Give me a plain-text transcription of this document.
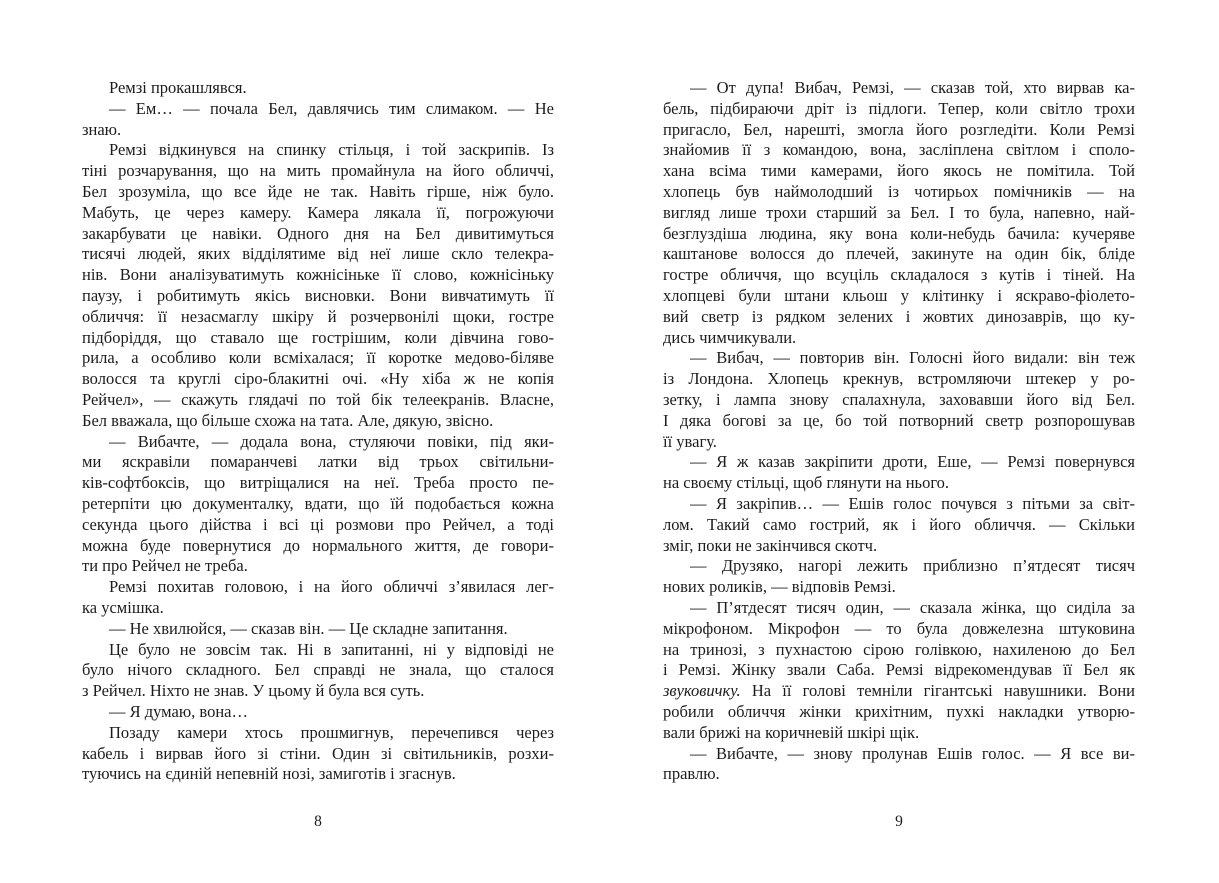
Ремзі прокашлявся.
— Ем… — почала Бел, давлячись тим слимаком. — Не
знаю.
Ремзі відкинувся на спинку стільця, і той заскрипів. Із
тіні розчарування, що на мить промайнула на його обличчі,
Бел зрозуміла, що все йде не так. Навіть гірше, ніж було.
Мабуть, це через камеру. Камера лякала її, погрожуючи
закарбувати це навіки. Одного дня на Бел дивитимуться
тисячі людей, яких відділятиме від неї лише скло телекра-
нів. Вони аналізуватимуть кожнісіньке її слово, кожнісіньку
паузу, і робитимуть якісь висновки. Вони вивчатимуть її
обличчя: її незасмаглу шкіру й розчервонілі щоки, гостре
підборіддя, що ставало ще гострішим, коли дівчина гово-
рила, а особливо коли всміхалася; її коротке медово-біляве
волосся та круглі сіро-блакитні очі. «Ну хіба ж не копія
Рейчел», — скажуть глядачі по той бік телеекранів. Власне,
Бел вважала, що більше схожа на тата. Але, дякую, звісно.
— Вибачте, — додала вона, стуляючи повіки, під яки-
ми яскравіли помаранчеві латки від трьох світильни-
ків-софтбоксів, що витріщалися на неї. Треба просто пе-
ретерпіти цю документалку, вдати, що їй подобається кожна
секунда цього дійства і всі ці розмови про Рейчел, а тоді
можна буде повернутися до нормального життя, де говори-
ти про Рейчел не треба.
Ремзі похитав головою, і на його обличчі з’явилася лег-
ка усмішка.
— Не хвилюйся, — сказав він. — Це складне запитання.
Це було не зовсім так. Ні в запитанні, ні у відповіді не
було нічого складного. Бел справді не знала, що сталося
з Рейчел. Ніхто не знав. У цьому й була вся суть.
— Я думаю, вона…
Позаду камери хтось прошмигнув, перечепився через
кабель і вирвав його зі стіни. Один зі світильників, розхи-
туючись на єдиній непевній нозі, замиготів і згаснув.
— От дупа! Вибач, Ремзі, — сказав той, хто вирвав ка-
бель, підбираючи дріт із підлоги. Тепер, коли світло трохи
пригасло, Бел, нарешті, змогла його розгледіти. Коли Ремзі
знайомив її з командою, вона, засліплена світлом і споло-
хана всіма тими камерами, його якось не помітила. Той
хлопець був наймолодший із чотирьох помічників — на
вигляд лише трохи старший за Бел. І то була, напевно, най-
безглуздіша людина, яку вона коли-небудь бачила: кучеряве
каштанове волосся до плечей, закинуте на один бік, бліде
гостре обличчя, що всуціль складалося з кутів і тіней. На
хлопцеві були штани кльош у клітинку і яскраво-фіолето-
вий светр із рядком зелених і жовтих динозаврів, що ку-
дись чимчикували.
— Вибач, — повторив він. Голосні його видали: він теж
із Лондона. Хлопець крекнув, встромляючи штекер у ро-
зетку, і лампа знову спалахнула, заховавши його від Бел.
І дяка богові за це, бо той потворний светр розпорошував
її увагу.
— Я ж казав закріпити дроти, Еше, — Ремзі повернувся
на своєму стільці, щоб глянути на нього.
— Я закріпив… — Ешів голос почувся з пітьми за світ-
лом. Такий само гострий, як і його обличчя. — Скільки
зміг, поки не закінчився скотч.
— Друзяко, нагорі лежить приблизно п’ятдесят тисяч
нових роликів, — відповів Ремзі.
— П’ятдесят тисяч один, — сказала жінка, що сиділа за
мікрофоном. Мікрофон — то була довжелезна штуковина
на тринозі, з пухнастою сірою голівкою, нахиленою до Бел
і Ремзі. Жінку звали Саба. Ремзі відрекомендував її Бел як
звуковичку. На її голові темніли гігантські навушники. Вони
робили обличчя жінки крихітним, пухкі накладки утворю-
вали брижі на коричневій шкірі щік.
— Вибачте, — знову пролунав Ешів голос. — Я все ви-
правлю.
8	9
